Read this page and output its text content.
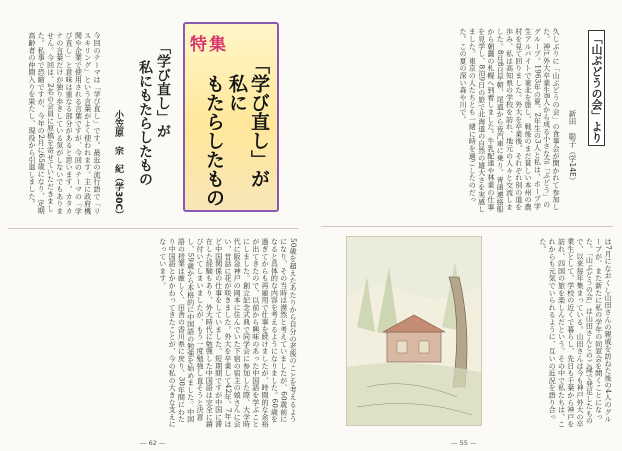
特集
「学び直し」が
私に
もたらしたもの
「学び直し」が
私にもたらしたもの
小笠原　宗　紀（学30C）
今回のテーマは「学び直し」です。最近の流行語で「リスキリング」という言葉がよく使われます。主に政府機関や企業で使用される言葉ですが、今回のテーマの「学び直し」と意味は重なる部分があると思います。カタカナの言葉だけが独り歩きしている気がしないでもありません。今回は、2名の会員に原稿を寄せていただきました。私事で恐縮ですが、今年の2月に65歳になり、定期高齢者の仲間入りを果たし、現役から引退しました。
50歳を超えたあたりから自分の老後のことを考えるようになり、その当時は漠然と考えていましたが、60歳前になると具体的な内容を考えるようになりました。60歳を過ぎてからも再雇用で仕事を続けましたが、時間的な余裕が出てきたので、以前から興味のあった中国語を学ぶことにしました。創立記念式典で同学会に参加した際、大学時代に阪急神戸の岡本に住んでいた下宿の宿主の娘さんに会い、昔話に花が咲きました。外大を卒業して42年、7年ほど中国関係の仕事をしていました。短期間ですが中国に滞在した経験もあり、外大時代に勉強した中国語は完全に錆び付いてしまいましたが、もう一度勉強し直そうと決意し、59歳から本格的に中国語の勉強を始めました。中国語の授業は厳しく、田舎の香川県に戻り、30年間にわたり中国語とかかわってきたことが、今の私の大きな支えになっています。
— 62 —
「山ぶどうの会」より
新田　聡子（学14E）
久しぶりに「山ぶどうの会」の食事会が開かれて参加した。神戸外大卒業生8人から成る小さな会「ぶどう」のグループ。1963年の夏、2年生の3人と私は、ホープ学生アルバイトで東北を旅し、戦後のまだ貧しい本州の農村を見て回りました。外大を卒業後、それぞれ別の道を歩み、私は高知県の学校を訪れ、地元の人々と交流しました。8月8日早朝、尾道から夜汽車に乗り、青函連絡船から朝靄の札幌へ到着しました。牛乳配達や林業の仕事を見学し、8泊9日の旅で北海道の自然の雄大さを実感しました。東京の人たちとも一緒に時を過ごしたのだった。この夏の深い森や川で。
は7月になおくし山田さんの親戚を訪ねた後の4人のグループが、また新たに私の学年の同窓会を開くことになった。「山ぶどうの会」は山田さんとのご縁で発足したもので、以来毎年集まっている。山田さんは今も神戸外大の卒業生として、学校の近くで暮らし、先日も千葉から神戸を訪れ、四国の旅を楽しんだという。その中で私たちは、これからも元気でいられるように、互いの近況を語り合った。
— 55 —
